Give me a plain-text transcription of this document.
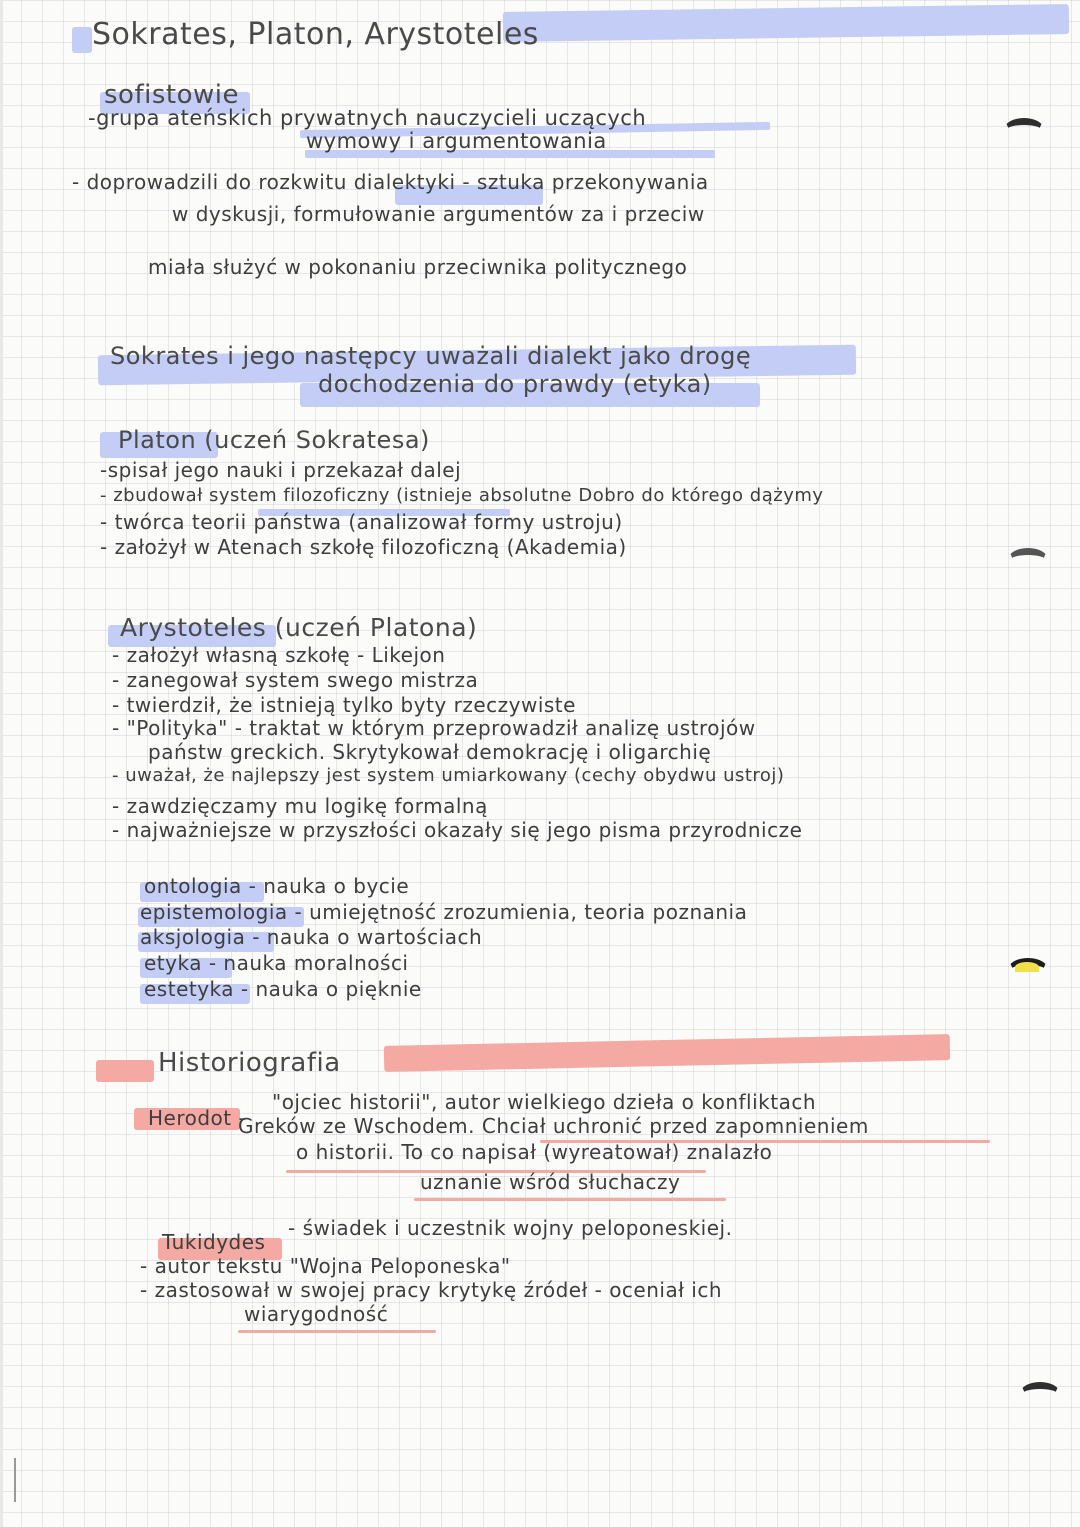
Sokrates, Platon, Arystoteles
sofistowie
-grupa ateńskich prywatnych nauczycieli uczących
wymowy i argumentowania
- doprowadzili do rozkwitu dialektyki - sztuka przekonywania
w dyskusji, formułowanie argumentów za i przeciw
miała służyć w pokonaniu przeciwnika politycznego
Sokrates i jego następcy uważali dialekt jako drogę
dochodzenia do prawdy (etyka)
Platon (uczeń Sokratesa)
-spisał jego nauki i przekazał dalej
- zbudował system filozoficzny (istnieje absolutne Dobro do którego dążymy
- twórca teorii państwa (analizował formy ustroju)
- założył w Atenach szkołę filozoficzną (Akademia)
Arystoteles (uczeń Platona)
- założył własną szkołę - Likejon
- zanegował system swego mistrza
- twierdził, że istnieją tylko byty rzeczywiste
- "Polityka" - traktat w którym przeprowadził analizę ustrojów
państw greckich. Skrytykował demokrację i oligarchię
- uważał, że najlepszy jest system umiarkowany (cechy obydwu ustroj)
- zawdzięczamy mu logikę formalną
- najważniejsze w przyszłości okazały się jego pisma przyrodnicze
ontologia - nauka o bycie
epistemologia - umiejętność zrozumienia, teoria poznania
aksjologia - nauka o wartościach
etyka - nauka moralności
estetyka - nauka o pięknie
Historiografia
Herodot -
"ojciec historii", autor wielkiego dzieła o konfliktach
Greków ze Wschodem. Chciał uchronić przed zapomnieniem
o historii. To co napisał (wyreatował) znalazło
uznanie wśród słuchaczy
Tukidydes
- świadek i uczestnik wojny peloponeskiej.
- autor tekstu "Wojna Peloponeska"
- zastosował w swojej pracy krytykę źródeł - oceniał ich
wiarygodność
